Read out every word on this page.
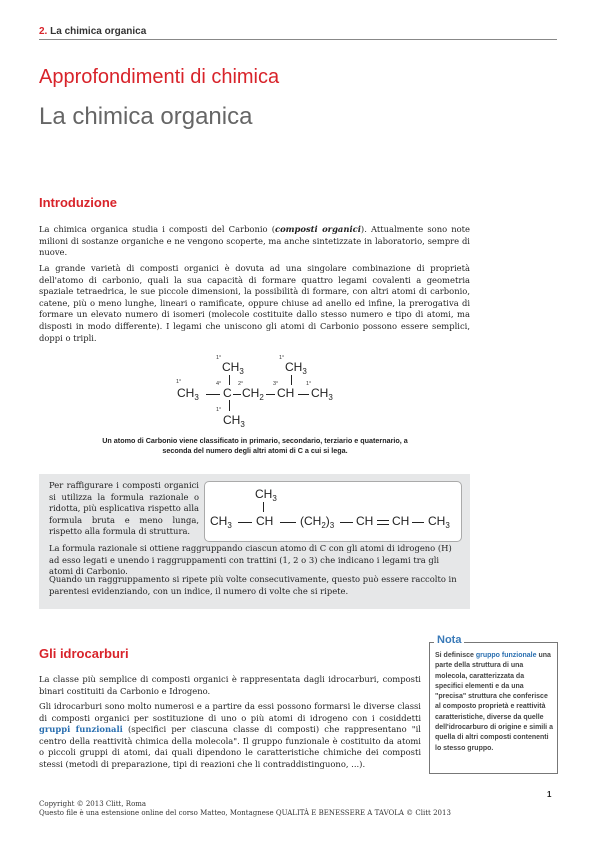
2. La chimica organica
Approfondimenti di chimica
La chimica organica
Introduzione
La chimica organica studia i composti del Carbonio (composti organici). Attualmente sono note milioni di sostanze organiche e ne vengono scoperte, ma anche sintetizzate in laboratorio, sempre di nuove.
La grande varietà di composti organici è dovuta ad una singolare combinazione di proprietà dell'atomo di carbonio, quali la sua capacità di formare quattro legami covalenti a geometria spaziale tetraedrica, le sue piccole dimensioni, la possibilità di formare, con altri atomi di carbonio, catene, più o meno lunghe, lineari o ramificate, oppure chiuse ad anello ed infine, la prerogativa di formare un elevato numero di isomeri (molecole costituite dallo stesso numero e tipo di atomi, ma disposti in modo differente). I legami che uniscono gli atomi di Carbonio possono essere semplici, doppi o tripli.
1°
$CH_3$
1°
$CH_3$
1°
$CH_3$
4°
C
2°
$CH_2$
3°
CH
1°
$CH_3$
1°
$CH_3$
Un atomo di Carbonio viene classificato in primario, secondario, terziario e quaternario, a seconda del numero degli altri atomi di C a cui si lega.
Per raffigurare i composti organici si utilizza la formula razionale o ridotta, più esplicativa rispetto alla formula bruta e meno lunga, rispetto alla formula di struttura.
$CH_3$
$CH_3$ CH $(CH_2)_3$ CH CH $CH_3$
La formula razionale si ottiene raggruppando ciascun atomo di C con gli atomi di idrogeno (H) ad esso legati e unendo i raggruppamenti con trattini (1, 2 o 3) che indicano i legami tra gli atomi di Carbonio.
Quando un raggruppamento si ripete più volte consecutivamente, questo può essere raccolto in parentesi evidenziando, con un indice, il numero di volte che si ripete.
Gli idrocarburi
La classe più semplice di composti organici è rappresentata dagli idrocarburi, composti binari costituiti da Carbonio e Idrogeno.
Gli idrocarburi sono molto numerosi e a partire da essi possono formarsi le diverse classi di composti organici per sostituzione di uno o più atomi di idrogeno con i cosiddetti gruppi funzionali (specifici per ciascuna classe di composti) che rappresentano "il centro della reattività chimica della molecola". Il gruppo funzionale è costituito da atomi o piccoli gruppi di atomi, dai quali dipendono le caratteristiche chimiche dei composti stessi (metodi di preparazione, tipi di reazioni che li contraddistinguono, ...).
Nota
Si definisce gruppo funzionale una parte della struttura di una molecola, caratterizzata da specifici elementi e da una "precisa" struttura che conferisce al composto proprietà e reattività caratteristiche, diverse da quelle dell'idrocarburo di origine e simili a quella di altri composti contenenti lo stesso gruppo.
1
Copyright © 2013 Clitt, Roma
Questo file è una estensione online del corso Matteo, Montagnese QUALITÀ E BENESSERE A TAVOLA © Clitt 2013
